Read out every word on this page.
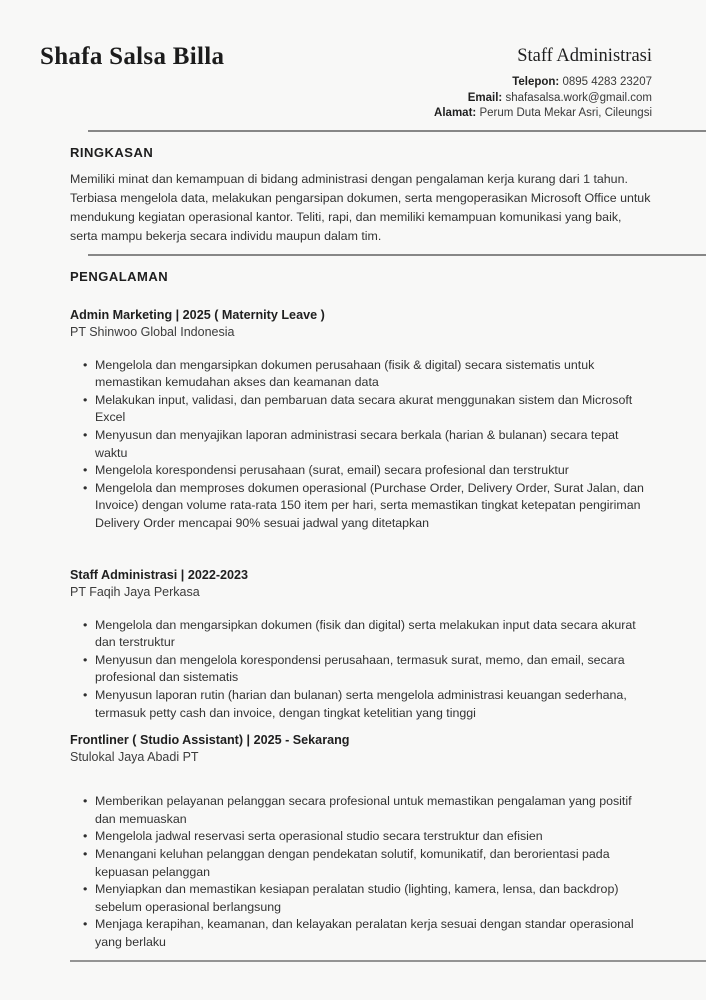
Shafa Salsa Billa	Staff Administrasi
Telepon: 0895 4283 23207
Email: shafasalsa.work@gmail.com
Alamat: Perum Duta Mekar Asri, Cileungsi
RINGKASAN

Memiliki minat dan kemampuan di bidang administrasi dengan pengalaman kerja kurang dari 1 tahun. Terbiasa mengelola data, melakukan pengarsipan dokumen, serta mengoperasikan Microsoft Office untuk mendukung kegiatan operasional kantor. Teliti, rapi, dan memiliki kemampuan komunikasi yang baik, serta mampu bekerja secara individu maupun dalam tim.

PENGALAMAN
Admin Marketing | 2025 ( Maternity Leave )
PT Shinwoo Global Indonesia
• Mengelola dan mengarsipkan dokumen perusahaan (fisik & digital) secara sistematis untuk memastikan kemudahan akses dan keamanan data
• Melakukan input, validasi, dan pembaruan data secara akurat menggunakan sistem dan Microsoft Excel
• Menyusun dan menyajikan laporan administrasi secara berkala (harian & bulanan) secara tepat waktu
• Mengelola korespondensi perusahaan (surat, email) secara profesional dan terstruktur
• Mengelola dan memproses dokumen operasional (Purchase Order, Delivery Order, Surat Jalan, dan Invoice) dengan volume rata-rata 150 item per hari, serta memastikan tingkat ketepatan pengiriman Delivery Order mencapai 90% sesuai jadwal yang ditetapkan
Staff Administrasi | 2022-2023
PT Faqih Jaya Perkasa
• Mengelola dan mengarsipkan dokumen (fisik dan digital) serta melakukan input data secara akurat dan terstruktur
• Menyusun dan mengelola korespondensi perusahaan, termasuk surat, memo, dan email, secara profesional dan sistematis
• Menyusun laporan rutin (harian dan bulanan) serta mengelola administrasi keuangan sederhana, termasuk petty cash dan invoice, dengan tingkat ketelitian yang tinggi
Frontliner ( Studio Assistant) | 2025 - Sekarang
Stulokal Jaya Abadi PT
• Memberikan pelayanan pelanggan secara profesional untuk memastikan pengalaman yang positif dan memuaskan
• Mengelola jadwal reservasi serta operasional studio secara terstruktur dan efisien
• Menangani keluhan pelanggan dengan pendekatan solutif, komunikatif, dan berorientasi pada kepuasan pelanggan
• Menyiapkan dan memastikan kesiapan peralatan studio (lighting, kamera, lensa, dan backdrop) sebelum operasional berlangsung
• Menjaga kerapihan, keamanan, dan kelayakan peralatan kerja sesuai dengan standar operasional yang berlaku
